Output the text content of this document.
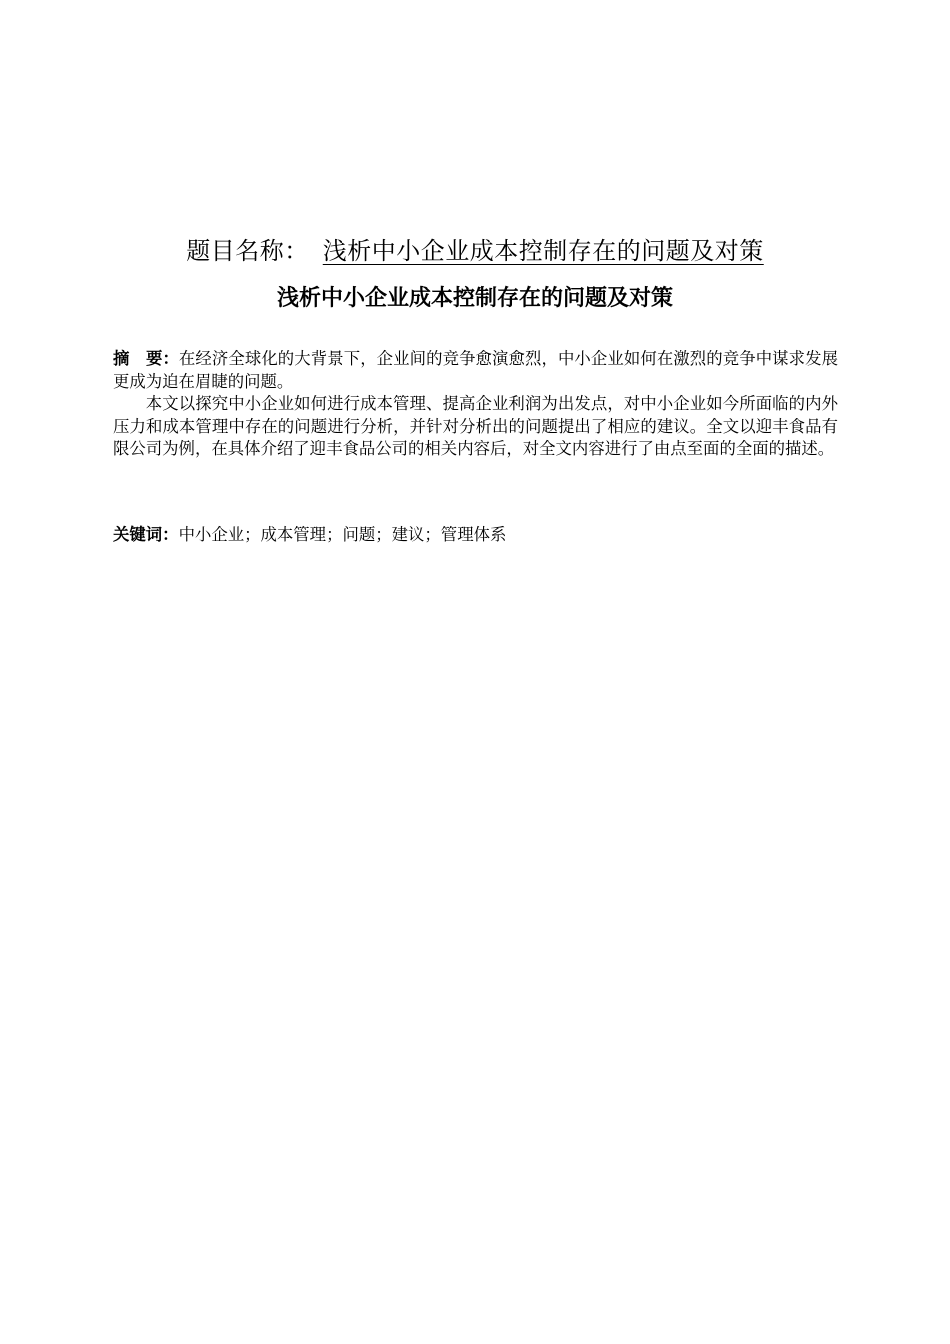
题目名称： 浅析中小企业成本控制存在的问题及对策
浅析中小企业成本控制存在的问题及对策

摘　要：在经济全球化的大背景下，企业间的竞争愈演愈烈，中小企业如何在激烈的竞争中谋求发展更成为迫在眉睫的问题。

本文以探究中小企业如何进行成本管理、提高企业利润为出发点，对中小企业如今所面临的内外压力和成本管理中存在的问题进行分析，并针对分析出的问题提出了相应的建议。全文以迎丰食品有限公司为例，在具体介绍了迎丰食品公司的相关内容后，对全文内容进行了由点至面的全面的描述。

关键词：中小企业；成本管理；问题；建议；管理体系
